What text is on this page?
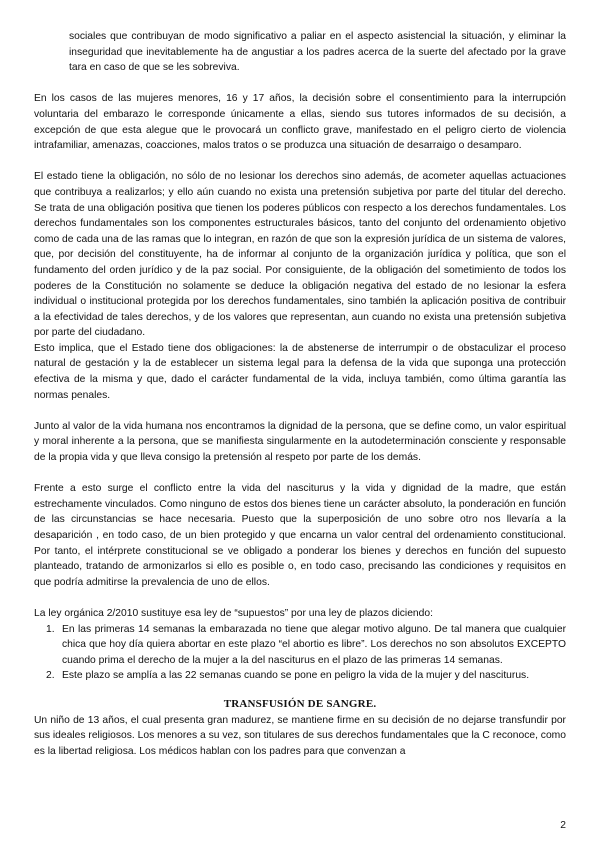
sociales que contribuyan de modo significativo a paliar en el aspecto asistencial la situación, y eliminar la inseguridad que inevitablemente ha de angustiar a los padres acerca de la suerte del afectado por la grave tara en caso de que se les sobreviva.

En los casos de las mujeres menores, 16 y 17 años, la decisión sobre el consentimiento para la interrupción voluntaria del embarazo le corresponde únicamente a ellas, siendo sus tutores informados de su decisión, a excepción de que esta alegue que le provocará un conflicto grave, manifestado en el peligro cierto de violencia intrafamiliar, amenazas, coacciones, malos tratos o se produzca una situación de desarraigo o desamparo.

El estado tiene la obligación, no sólo de no lesionar los derechos sino además, de acometer aquellas actuaciones que contribuya a realizarlos; y ello aún cuando no exista una pretensión subjetiva por parte del titular del derecho. Se trata de una obligación positiva que tienen los poderes públicos con respecto a los derechos fundamentales. Los derechos fundamentales son los componentes estructurales básicos, tanto del conjunto del ordenamiento objetivo como de cada una de las ramas que lo integran, en razón de que son la expresión jurídica de un sistema de valores, que, por decisión del constituyente, ha de informar al conjunto de la organización jurídica y política, que son el fundamento del orden jurídico y de la paz social. Por consiguiente, de la obligación del sometimiento de todos los poderes de la Constitución no solamente se deduce la obligación negativa del estado de no lesionar la esfera individual o institucional protegida por los derechos fundamentales, sino también la aplicación positiva de contribuir a la efectividad de tales derechos, y de los valores que representan, aun cuando no exista una pretensión subjetiva por parte del ciudadano.

Esto implica, que el Estado tiene dos obligaciones: la de abstenerse de interrumpir o de obstaculizar el proceso natural de gestación y la de establecer un sistema legal para la defensa de la vida que suponga una protección efectiva de la misma y que, dado el carácter fundamental de la vida, incluya también, como última garantía las normas penales.

Junto al valor de la vida humana nos encontramos la dignidad de la persona, que se define como, un valor espiritual y moral inherente a la persona, que se manifiesta singularmente en la autodeterminación consciente y responsable de la propia vida y que lleva consigo la pretensión al respeto por parte de los demás.

Frente a esto surge el conflicto entre la vida del nasciturus y la vida y dignidad de la madre, que están estrechamente vinculados. Como ninguno de estos dos bienes tiene un carácter absoluto, la ponderación en función de las circunstancias se hace necesaria. Puesto que la superposición de uno sobre otro nos llevaría a la desaparición , en todo caso, de un bien protegido y que encarna un valor central del ordenamiento constitucional. Por tanto, el intérprete constitucional se ve obligado a ponderar los bienes y derechos en función del supuesto planteado, tratando de armonizarlos si ello es posible o, en todo caso, precisando las condiciones y requisitos en que podría admitirse la prevalencia de uno de ellos.

La ley orgánica 2/2010 sustituye esa ley de “supuestos” por una ley de plazos diciendo:

1. En las primeras 14 semanas la embarazada no tiene que alegar motivo alguno. De tal manera que cualquier chica que hoy día quiera abortar en este plazo “el abortio es libre”. Los derechos no son absolutos EXCEPTO cuando prima el derecho de la mujer a la del nasciturus en el plazo de las primeras 14 semanas.
2. Este plazo se amplía a las 22 semanas cuando se pone en peligro la vida de la mujer y del nasciturus.
TRANSFUSIÓN DE SANGRE.

Un niño de 13 años, el cual presenta gran madurez, se mantiene firme en su decisión de no dejarse transfundir por sus ideales religiosos. Los menores a su vez, son titulares de sus derechos fundamentales que la C reconoce, como es la libertad religiosa. Los médicos hablan con los padres para que convenzan a

2
